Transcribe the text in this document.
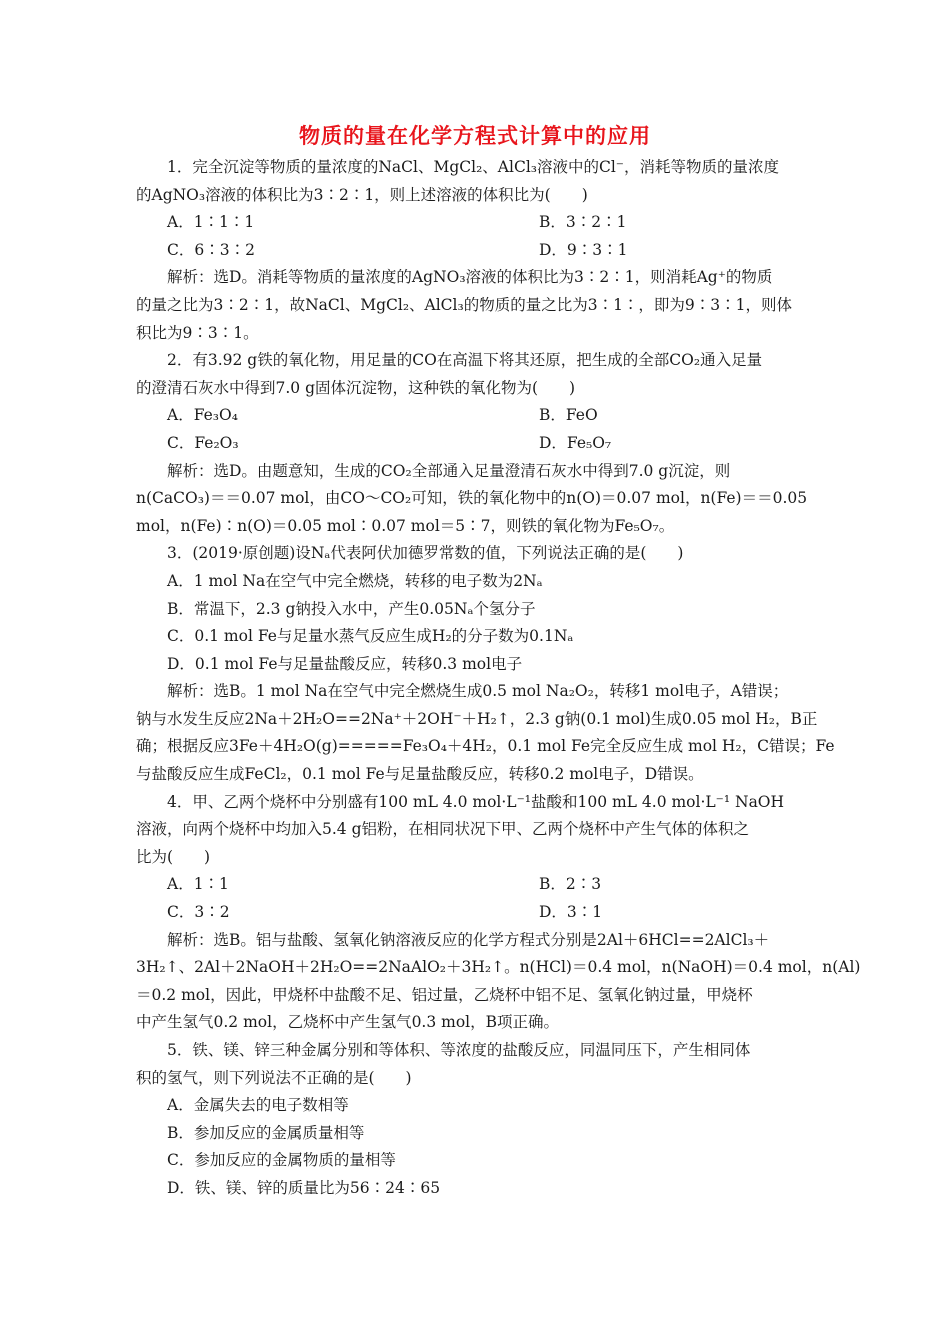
物质的量在化学方程式计算中的应用
1．完全沉淀等物质的量浓度的NaCl、MgCl₂、AlCl₃溶液中的Cl⁻，消耗等物质的量浓度
的AgNO₃溶液的体积比为3∶2∶1，则上述溶液的体积比为(　　)
A．1∶1∶1	B．3∶2∶1
C．6∶3∶2	D．9∶3∶1
解析：选D。消耗等物质的量浓度的AgNO₃溶液的体积比为3∶2∶1，则消耗Ag⁺的物质
的量之比为3∶2∶1，故NaCl、MgCl₂、AlCl₃的物质的量之比为3∶1∶，即为9∶3∶1，则体
积比为9∶3∶1。
2．有3.92 g铁的氧化物，用足量的CO在高温下将其还原，把生成的全部CO₂通入足量
的澄清石灰水中得到7.0 g固体沉淀物，这种铁的氧化物为(　　)
A．Fe₃O₄	B．FeO
C．Fe₂O₃	D．Fe₅O₇
解析：选D。由题意知，生成的CO₂全部通入足量澄清石灰水中得到7.0 g沉淀，则
n(CaCO₃)＝＝0.07 mol，由CO～CO₂可知，铁的氧化物中的n(O)＝0.07 mol，n(Fe)＝＝0.05
mol，n(Fe)∶n(O)＝0.05 mol∶0.07 mol＝5∶7，则铁的氧化物为Fe₅O₇。
3．(2019·原创题)设Nₐ代表阿伏加德罗常数的值，下列说法正确的是(　　)
A．1 mol Na在空气中完全燃烧，转移的电子数为2Nₐ
B．常温下，2.3 g钠投入水中，产生0.05Nₐ个氢分子
C．0.1 mol Fe与足量水蒸气反应生成H₂的分子数为0.1Nₐ
D．0.1 mol Fe与足量盐酸反应，转移0.3 mol电子
解析：选B。1 mol Na在空气中完全燃烧生成0.5 mol Na₂O₂，转移1 mol电子，A错误；
钠与水发生反应2Na＋2H₂O==2Na⁺＋2OH⁻＋H₂↑，2.3 g钠(0.1 mol)生成0.05 mol H₂，B正
确；根据反应3Fe＋4H₂O(g)=====Fe₃O₄＋4H₂，0.1 mol Fe完全反应生成 mol H₂，C错误；Fe
与盐酸反应生成FeCl₂，0.1 mol Fe与足量盐酸反应，转移0.2 mol电子，D错误。
4．甲、乙两个烧杯中分别盛有100 mL 4.0 mol·L⁻¹盐酸和100 mL 4.0 mol·L⁻¹ NaOH
溶液，向两个烧杯中均加入5.4 g铝粉，在相同状况下甲、乙两个烧杯中产生气体的体积之
比为(　　)
A．1∶1	B．2∶3
C．3∶2	D．3∶1
解析：选B。铝与盐酸、氢氧化钠溶液反应的化学方程式分别是2Al＋6HCl==2AlCl₃＋
3H₂↑、2Al＋2NaOH＋2H₂O==2NaAlO₂＋3H₂↑。n(HCl)＝0.4 mol，n(NaOH)＝0.4 mol，n(Al)
＝0.2 mol，因此，甲烧杯中盐酸不足、铝过量，乙烧杯中铝不足、氢氧化钠过量，甲烧杯
中产生氢气0.2 mol，乙烧杯中产生氢气0.3 mol，B项正确。
5．铁、镁、锌三种金属分别和等体积、等浓度的盐酸反应，同温同压下，产生相同体
积的氢气，则下列说法不正确的是(　　)
A．金属失去的电子数相等
B．参加反应的金属质量相等
C．参加反应的金属物质的量相等
D．铁、镁、锌的质量比为56∶24∶65
